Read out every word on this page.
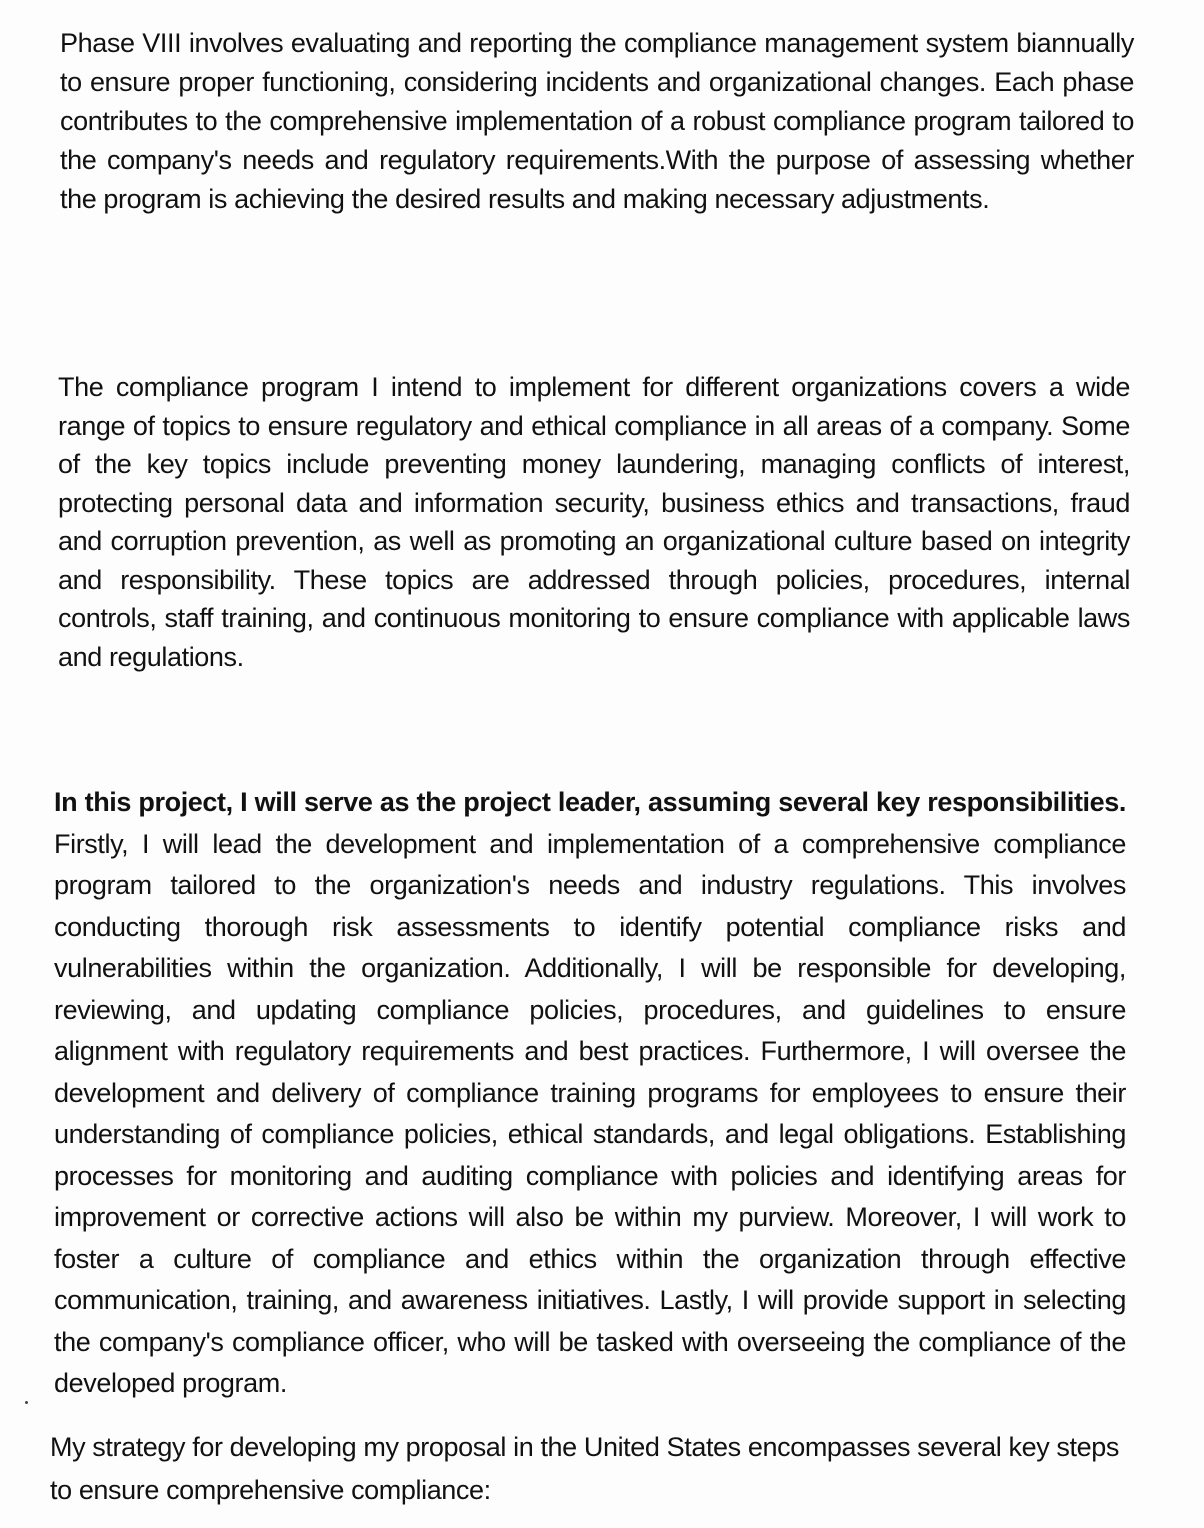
Phase VIII involves evaluating and reporting the compliance management system biannually to ensure proper functioning, considering incidents and organizational changes. Each phase contributes to the comprehensive implementation of a robust compliance program tailored to the company's needs and regulatory requirements.With the purpose of assessing whether the program is achieving the desired results and making necessary adjustments.

The compliance program I intend to implement for different organizations covers a wide range of topics to ensure regulatory and ethical compliance in all areas of a company. Some of the key topics include preventing money laundering, managing conflicts of interest, protecting personal data and information security, business ethics and transactions, fraud and corruption prevention, as well as promoting an organizational culture based on integrity and responsibility. These topics are addressed through policies, procedures, internal controls, staff training, and continuous monitoring to ensure compliance with applicable laws and regulations.

In this project, I will serve as the project leader, assuming several key responsibilities. Firstly, I will lead the development and implementation of a comprehensive compliance program tailored to the organization's needs and industry regulations. This involves conducting thorough risk assessments to identify potential compliance risks and vulnerabilities within the organization. Additionally, I will be responsible for developing, reviewing, and updating compliance policies, procedures, and guidelines to ensure alignment with regulatory requirements and best practices. Furthermore, I will oversee the development and delivery of compliance training programs for employees to ensure their understanding of compliance policies, ethical standards, and legal obligations. Establishing processes for monitoring and auditing compliance with policies and identifying areas for improvement or corrective actions will also be within my purview. Moreover, I will work to foster a culture of compliance and ethics within the organization through effective communication, training, and awareness initiatives. Lastly, I will provide support in selecting the company's compliance officer, who will be tasked with overseeing the compliance of the developed program.

My strategy for developing my proposal in the United States encompasses several key steps to ensure comprehensive compliance:
